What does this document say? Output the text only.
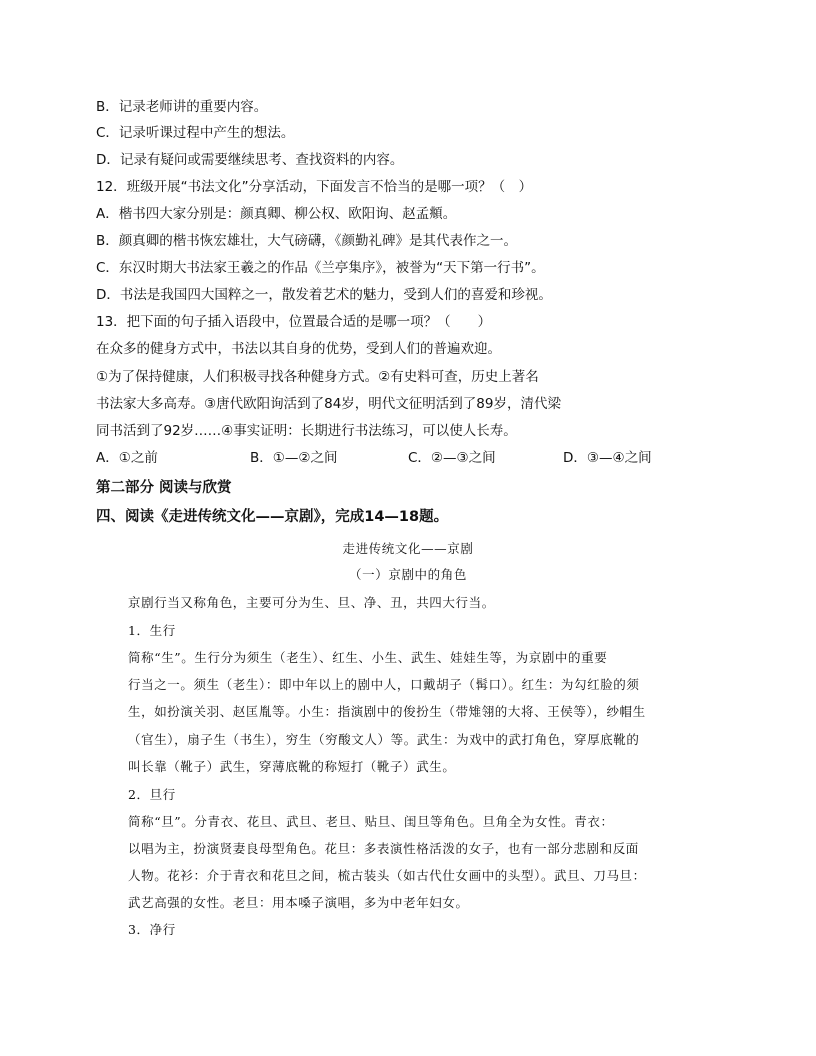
B．记录老师讲的重要内容。
C．记录听课过程中产生的想法。
D．记录有疑问或需要继续思考、查找资料的内容。
12．班级开展“书法文化”分享活动，下面发言不恰当的是哪一项？（　）
A．楷书四大家分别是：颜真卿、柳公权、欧阳询、赵孟頫。
B．颜真卿的楷书恢宏雄壮，大气磅礴，《颜勤礼碑》是其代表作之一。
C．东汉时期大书法家王羲之的作品《兰亭集序》，被誉为“天下第一行书”。
D．书法是我国四大国粹之一，散发着艺术的魅力，受到人们的喜爱和珍视。
13．把下面的句子插入语段中，位置最合适的是哪一项？（　　）
在众多的健身方式中，书法以其自身的优势，受到人们的普遍欢迎。
①为了保持健康，人们积极寻找各种健身方式。②有史料可查，历史上著名
书法家大多高寿。③唐代欧阳询活到了84岁，明代文征明活到了89岁，清代梁
同书活到了92岁……④事实证明：长期进行书法练习，可以使人长寿。
A．①之前	B．①—②之间	C．②—③之间	D．③—④之间
第二部分 阅读与欣赏
四、阅读《走进传统文化——京剧》，完成14—18题。
走进传统文化——京剧
（一）京剧中的角色
京剧行当又称角色，主要可分为生、旦、净、丑，共四大行当。
1．生行
简称“生”。生行分为须生（老生）、红生、小生、武生、娃娃生等，为京剧中的重要
行当之一。须生（老生）：即中年以上的剧中人，口戴胡子（髯口）。红生：为勾红脸的须
生，如扮演关羽、赵匡胤等。小生：指演剧中的俊扮生（带雉翎的大将、王侯等），纱帽生
（官生），扇子生（书生），穷生（穷酸文人）等。武生：为戏中的武打角色，穿厚底靴的
叫长靠（靴子）武生，穿薄底靴的称短打（靴子）武生。
2．旦行
简称“旦”。分青衣、花旦、武旦、老旦、贴旦、闺旦等角色。旦角全为女性。青衣：
以唱为主，扮演贤妻良母型角色。花旦：多表演性格活泼的女子，也有一部分悲剧和反面
人物。花衫：介于青衣和花旦之间，梳古装头（如古代仕女画中的头型）。武旦、刀马旦：
武艺高强的女性。老旦：用本嗓子演唱，多为中老年妇女。
3．净行
